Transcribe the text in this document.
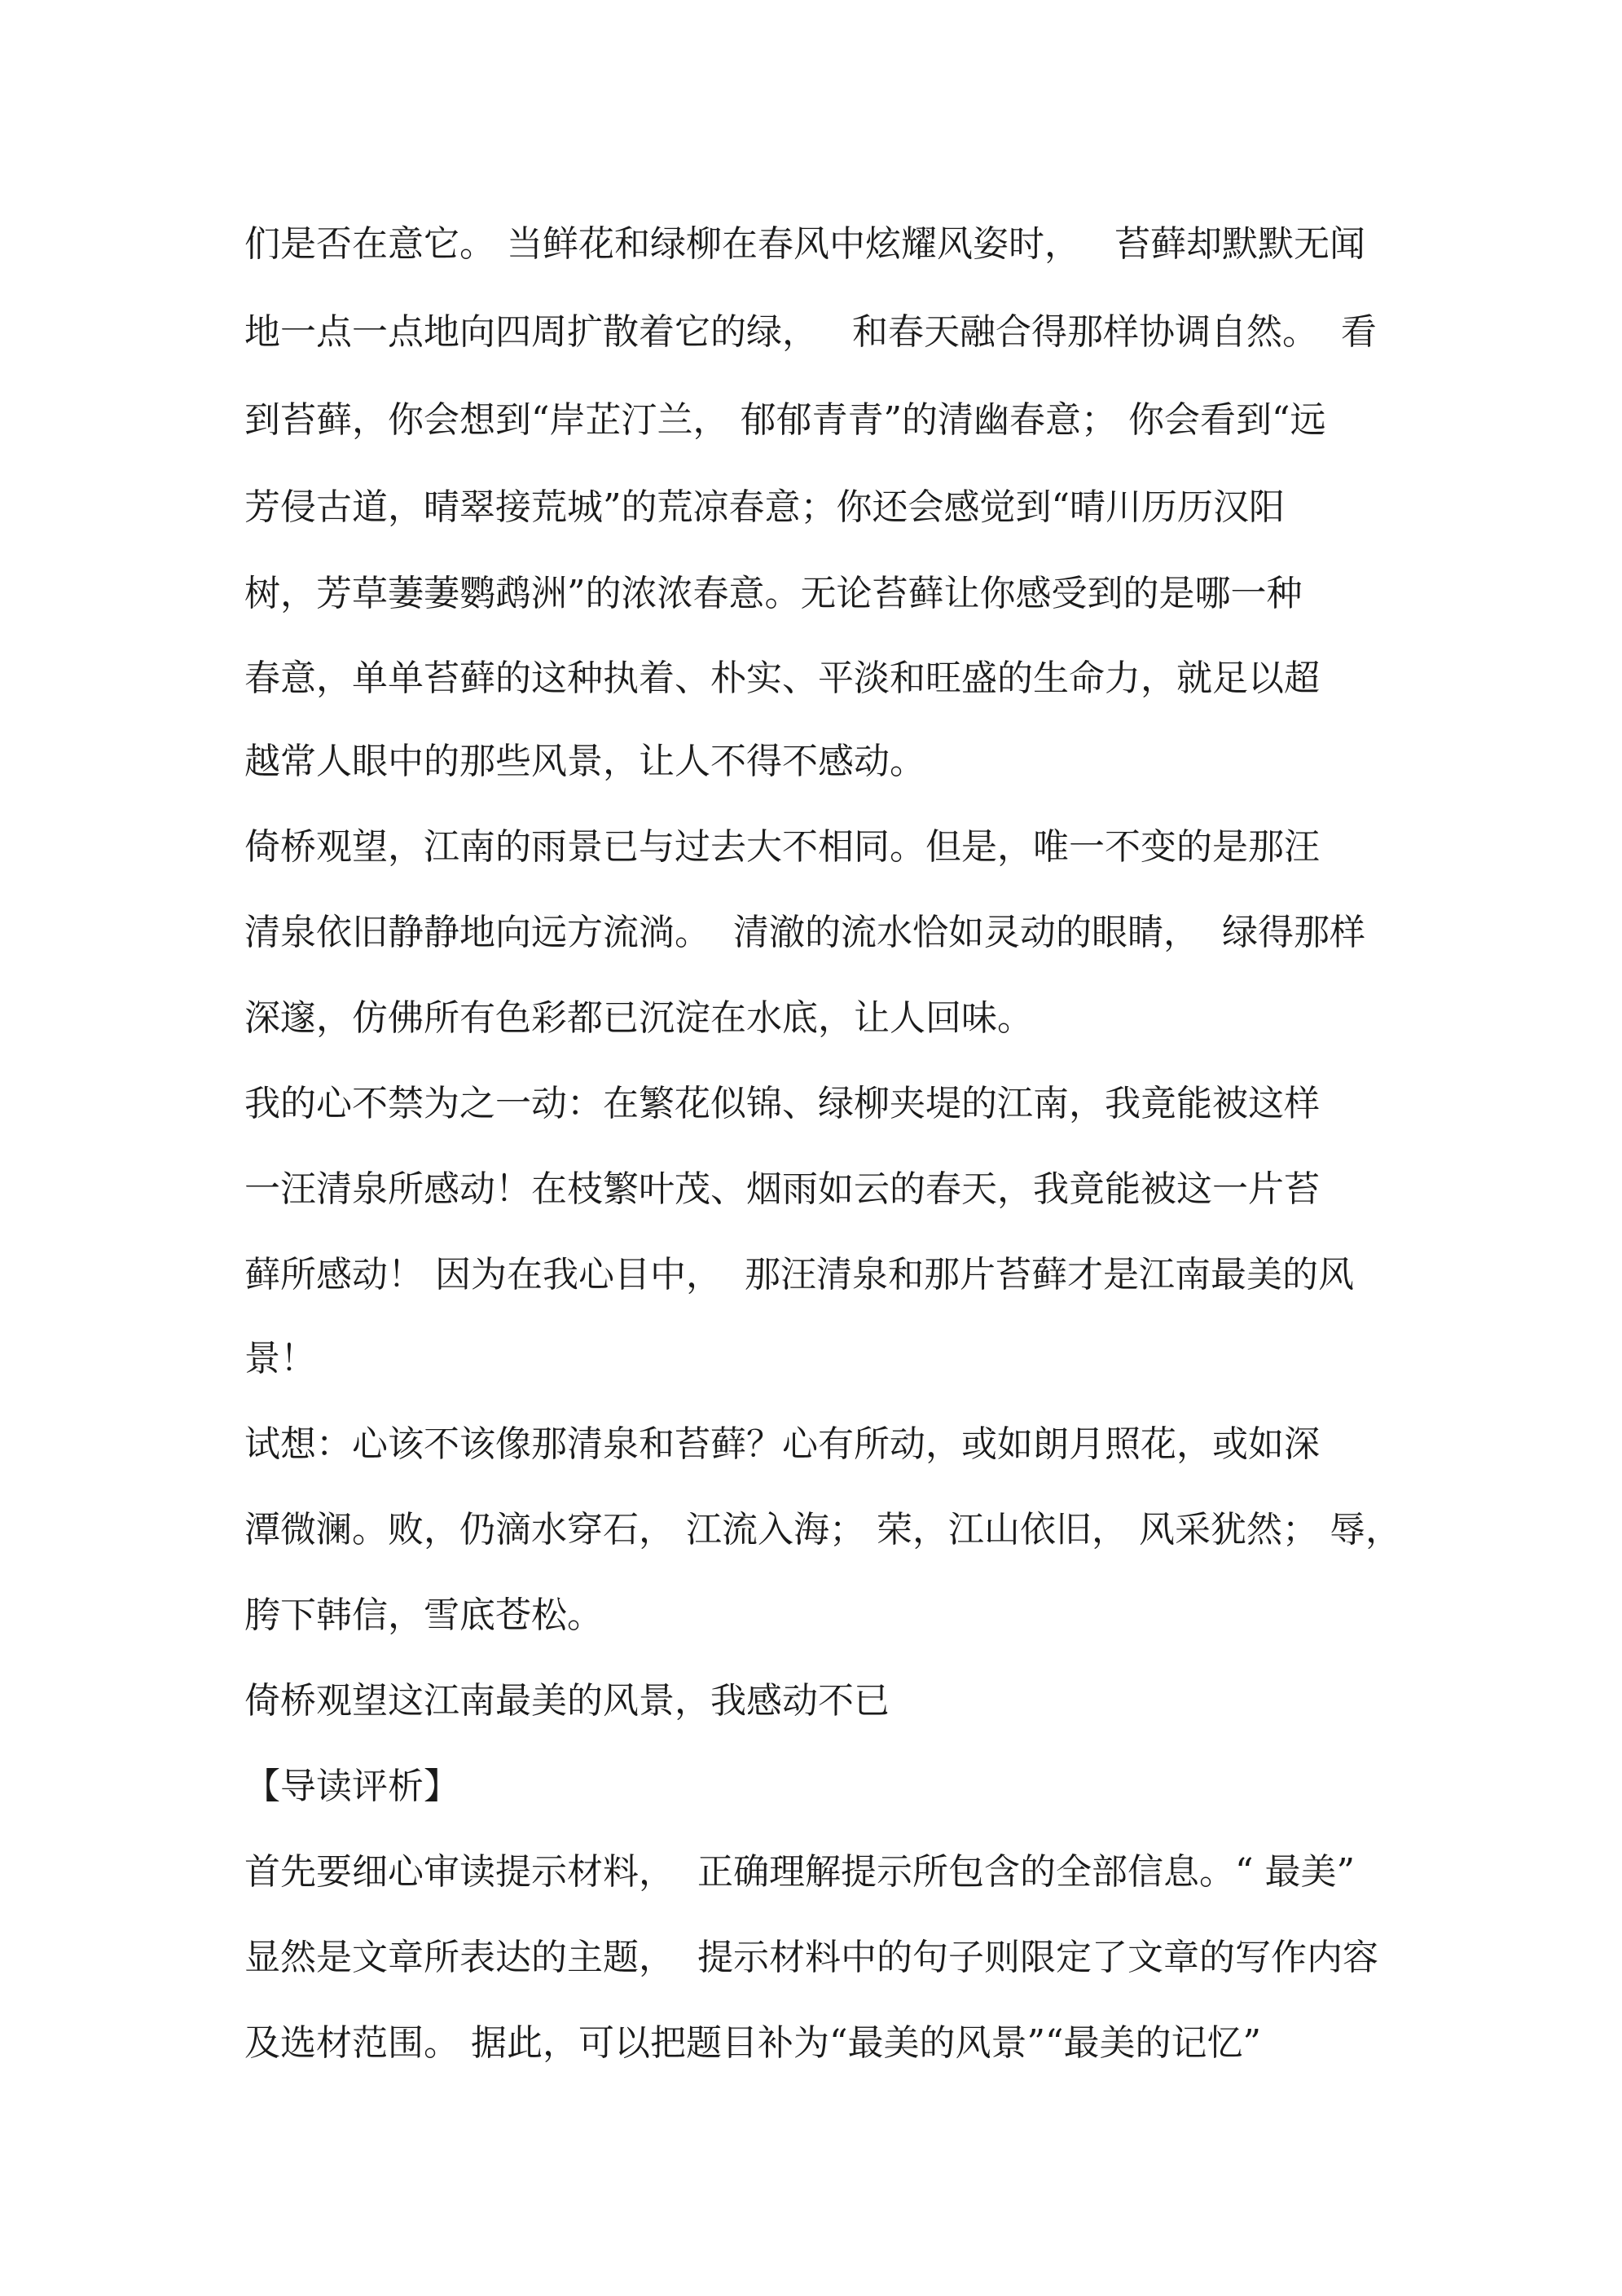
们是否在意它。 当鲜花和绿柳在春风中炫耀风姿时，   苔藓却默默无闻

地一点一点地向四周扩散着它的绿，   和春天融合得那样协调自然。  看

到苔藓，你会想到“岸芷汀兰， 郁郁青青”的清幽春意； 你会看到“远

芳侵古道，晴翠接荒城”的荒凉春意；你还会感觉到“晴川历历汉阳

树，芳草萋萋鹦鹉洲”的浓浓春意。无论苔藓让你感受到的是哪一种

春意，单单苔藓的这种执着、朴实、平淡和旺盛的生命力，就足以超

越常人眼中的那些风景，让人不得不感动。

倚桥观望，江南的雨景已与过去大不相同。但是，唯一不变的是那汪

清泉依旧静静地向远方流淌。  清澈的流水恰如灵动的眼睛，  绿得那样

深邃，仿佛所有色彩都已沉淀在水底，让人回味。

我的心不禁为之一动：在繁花似锦、绿柳夹堤的江南，我竟能被这样

一汪清泉所感动！在枝繁叶茂、烟雨如云的春天，我竟能被这一片苔

藓所感动！ 因为在我心目中，  那汪清泉和那片苔藓才是江南最美的风

景！

试想：心该不该像那清泉和苔藓？心有所动，或如朗月照花，或如深

潭微澜。败，仍滴水穿石， 江流入海； 荣，江山依旧， 风采犹然； 辱，

胯下韩信，雪底苍松。

倚桥观望这江南最美的风景，我感动不已

【导读评析】

首先要细心审读提示材料，  正确理解提示所包含的全部信息。“ 最美”

显然是文章所表达的主题，  提示材料中的句子则限定了文章的写作内容

及选材范围。 据此，可以把题目补为“最美的风景”“最美的记忆”
